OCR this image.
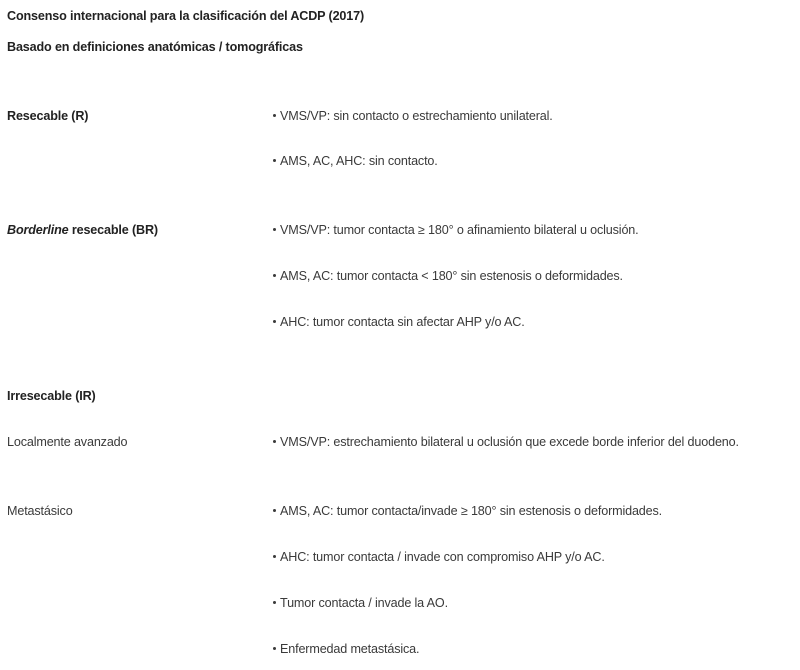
Consenso internacional para la clasificación del ACDP (2017)
Basado en definiciones anatómicas / tomográficas
Resecable (R)	VMS/VP: sin contacto o estrechamiento unilateral.
AMS, AC, AHC: sin contacto.
Borderline resecable (BR)	VMS/VP: tumor contacta ≥ 180° o afinamiento bilateral u oclusión.
AMS, AC: tumor contacta < 180° sin estenosis o deformidades.
AHC: tumor contacta sin afectar AHP y/o AC.
Irresecable (IR)
Localmente avanzado	VMS/VP: estrechamiento bilateral u oclusión que excede borde inferior del duodeno.
Metastásico	AMS, AC: tumor contacta/invade ≥ 180° sin estenosis o deformidades.
AHC: tumor contacta / invade con compromiso AHP y/o AC.
Tumor contacta / invade la AO.
Enfermedad metastásica.
